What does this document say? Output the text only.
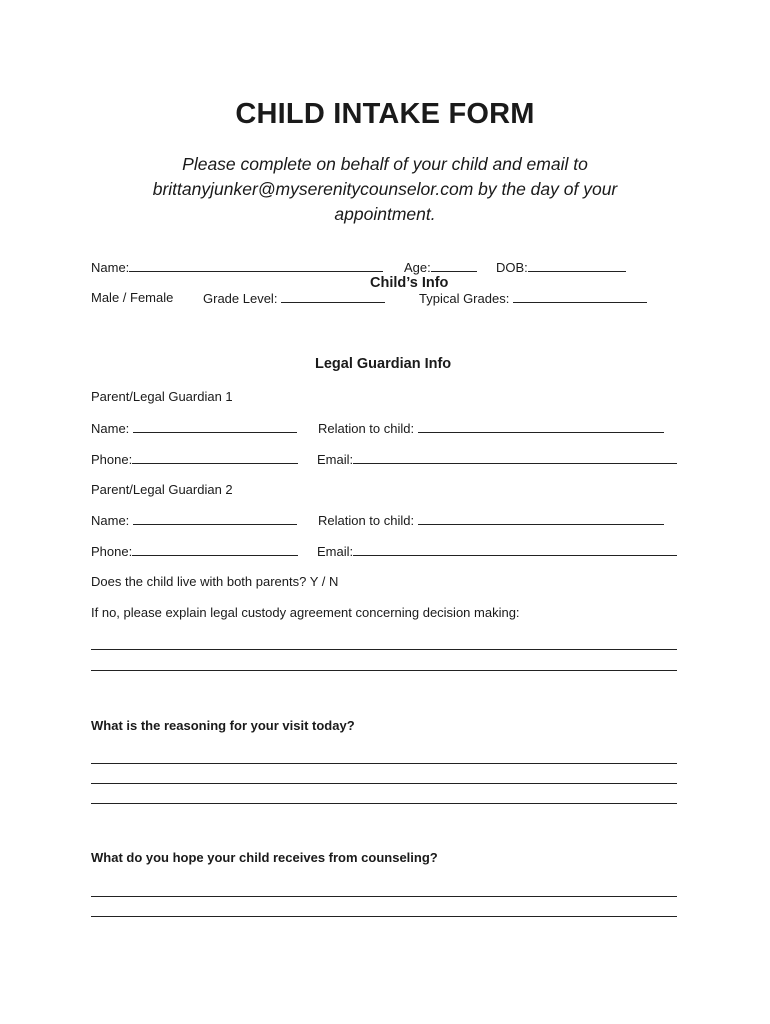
CHILD INTAKE FORM
Please complete on behalf of your child and email to brittanyjunker@myserenitycounselor.com by the day of your appointment.
Name:	Age:	DOB:
Child’s Info
Male / Female Grade Level:	Typical Grades:
Legal Guardian Info
Parent/Legal Guardian 1
Name:	Relation to child:
Phone:	Email:
Parent/Legal Guardian 2
Name:	Relation to child:
Phone:	Email:
Does the child live with both parents? Y / N
If no, please explain legal custody agreement concerning decision making:
What is the reasoning for your visit today?
What do you hope your child receives from counseling?
